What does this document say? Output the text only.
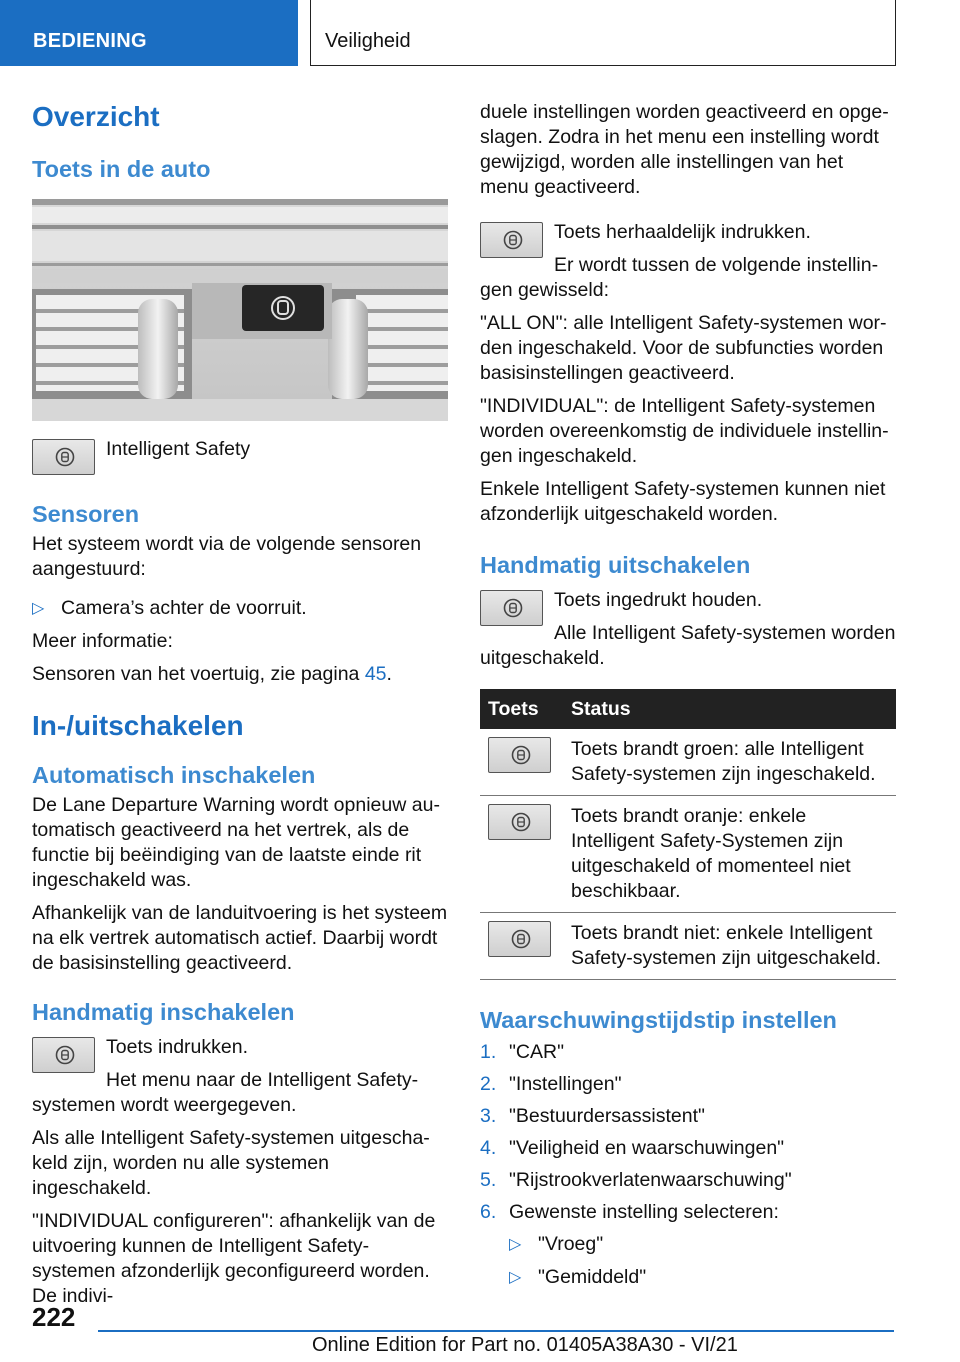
BEDIENING	Veiligheid
Overzicht
Toets in de auto
Intelligent Safety
Sensoren

Het systeem wordt via de volgende sensoren aangestuurd:

▷ Camera’s achter de voorruit.

Meer informatie:

Sensoren van het voertuig, zie pagina 45.

In-/uitschakelen
Automatisch inschakelen

De Lane Departure Warning wordt opnieuw automatisch geactiveerd na het vertrek, als de functie bij beëindiging van de laatste einde rit ingeschakeld was.

Afhankelijk van de landuitvoering is het systeem na elk vertrek automatisch actief. Daarbij wordt de basisinstelling geactiveerd.

Handmatig inschakelen

Toets indrukken.

Het menu naar de Intelligent Safety-systemen wordt weergegeven.

Als alle Intelligent Safety-systemen uitgeschakeld zijn, worden nu alle systemen ingeschakeld.

"INDIVIDUAL configureren": afhankelijk van de uitvoering kunnen de Intelligent Safety-systemen afzonderlijk geconfigureerd worden. De indivi-

duele instellingen worden geactiveerd en opgeslagen. Zodra in het menu een instelling wordt gewijzigd, worden alle instellingen van het menu geactiveerd.

Toets herhaaldelijk indrukken.

Er wordt tussen de volgende instellingen gewisseld:

"ALL ON": alle Intelligent Safety-systemen worden ingeschakeld. Voor de subfuncties worden basisinstellingen geactiveerd.

"INDIVIDUAL": de Intelligent Safety-systemen worden overeenkomstig de individuele instellingen ingeschakeld.

Enkele Intelligent Safety-systemen kunnen niet afzonderlijk uitgeschakeld worden.

Handmatig uitschakelen

Toets ingedrukt houden.

Alle Intelligent Safety-systemen worden uitgeschakeld.

Toets	Status

	Toets brandt groen: alle Intelligent Safety-systemen zijn ingeschakeld.

	Toets brandt oranje: enkele Intelligent Safety-Systemen zijn uitgeschakeld of momenteel niet beschikbaar.

	Toets brandt niet: enkele Intelligent Safety-systemen zijn uitgeschakeld.
Waarschuwingstijdstip instellen
1. "CAR"
2. "Instellingen"
3. "Bestuurdersassistent"
4. "Veiligheid en waarschuwingen"
5. "Rijstrookverlatenwaarschuwing"
6. Gewenste instelling selecteren:
▷ "Vroeg"
▷ "Gemiddeld"
222
Online Edition for Part no. 01405A38A30 - VI/21
